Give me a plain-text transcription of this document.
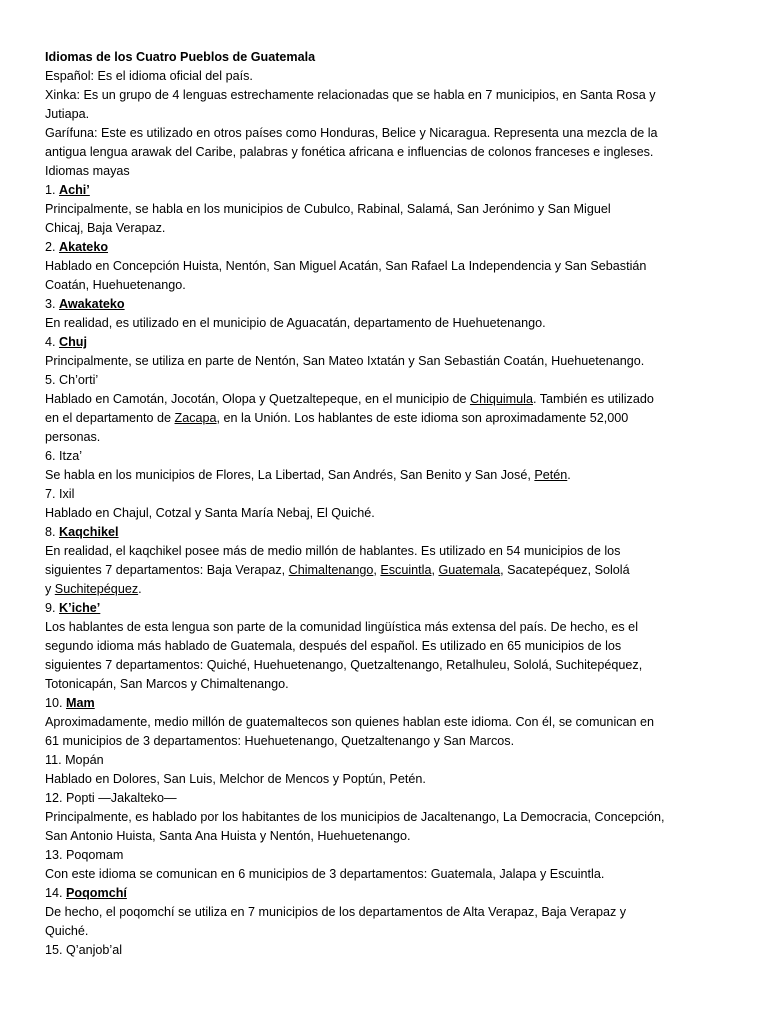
Idiomas de los Cuatro Pueblos de Guatemala
Español: Es el idioma oficial del país.
Xinka: Es un grupo de 4 lenguas estrechamente relacionadas que se habla en 7 municipios, en Santa Rosa y
Jutiapa.
Garífuna: Este es utilizado en otros países como Honduras, Belice y Nicaragua. Representa una mezcla de la
antigua lengua arawak del Caribe, palabras y fonética africana e influencias de colonos franceses e ingleses.
Idiomas mayas
1. Achi’
Principalmente, se habla en los municipios de Cubulco, Rabinal, Salamá, San Jerónimo y San Miguel
Chicaj, Baja Verapaz.
2. Akateko
Hablado en Concepción Huista, Nentón, San Miguel Acatán, San Rafael La Independencia y San Sebastián
Coatán, Huehuetenango.
3. Awakateko
En realidad, es utilizado en el municipio de Aguacatán, departamento de Huehuetenango.
4. Chuj
Principalmente, se utiliza en parte de Nentón, San Mateo Ixtatán y San Sebastián Coatán, Huehuetenango.
5. Ch’orti’
Hablado en Camotán, Jocotán, Olopa y Quetzaltepeque, en el municipio de Chiquimula. También es utilizado
en el departamento de Zacapa, en la Unión. Los hablantes de este idioma son aproximadamente 52,000
personas.
6. Itza’
Se habla en los municipios de Flores, La Libertad, San Andrés, San Benito y San José, Petén.
7. Ixil
Hablado en Chajul, Cotzal y Santa María Nebaj, El Quiché.
8. Kaqchikel
En realidad, el kaqchikel posee más de medio millón de hablantes. Es utilizado en 54 municipios de los
siguientes 7 departamentos: Baja Verapaz, Chimaltenango, Escuintla, Guatemala, Sacatepéquez, Sololá
y Suchitepéquez.
9. K’iche’
Los hablantes de esta lengua son parte de la comunidad lingüística más extensa del país. De hecho, es el
segundo idioma más hablado de Guatemala, después del español. Es utilizado en 65 municipios de los
siguientes 7 departamentos: Quiché, Huehuetenango, Quetzaltenango, Retalhuleu, Sololá, Suchitepéquez,
Totonicapán, San Marcos y Chimaltenango.
10. Mam
Aproximadamente, medio millón de guatemaltecos son quienes hablan este idioma. Con él, se comunican en
61 municipios de 3 departamentos: Huehuetenango, Quetzaltenango y San Marcos.
11. Mopán
Hablado en Dolores, San Luis, Melchor de Mencos y Poptún, Petén.
12. Popti —Jakalteko—
Principalmente, es hablado por los habitantes de los municipios de Jacaltenango, La Democracia, Concepción,
San Antonio Huista, Santa Ana Huista y Nentón, Huehuetenango.
13. Poqomam
Con este idioma se comunican en 6 municipios de 3 departamentos: Guatemala, Jalapa y Escuintla.
14. Poqomchí
De hecho, el poqomchí se utiliza en 7 municipios de los departamentos de Alta Verapaz, Baja Verapaz y
Quiché.
15. Q’anjob’al
